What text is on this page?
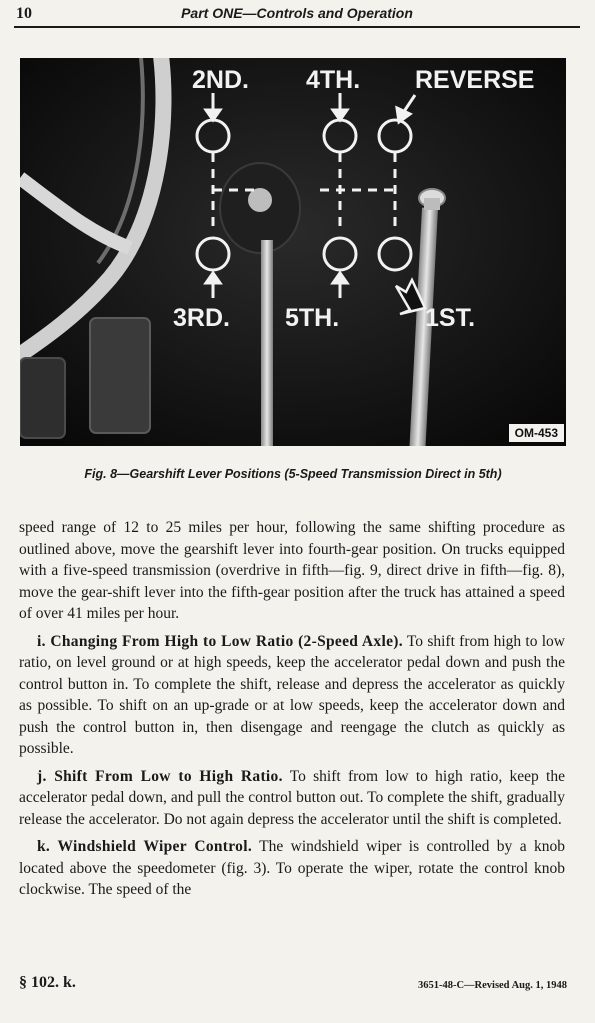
10	Part ONE—Controls and Operation
2ND. 4TH. REVERSE
3RD. 5TH.	1ST.
OM-453
Fig. 8—Gearshift Lever Positions (5-Speed Transmission Direct in 5th)

speed range of 12 to 25 miles per hour, following the same shifting procedure as outlined above, move the gearshift lever into fourth-gear position. On trucks equipped with a five-speed transmission (overdrive in fifth—fig. 9, direct drive in fifth—fig. 8), move the gear-shift lever into the fifth-gear position after the truck has attained a speed of over 41 miles per hour.

i. Changing From High to Low Ratio (2-Speed Axle). To shift from high to low ratio, on level ground or at high speeds, keep the accelerator pedal down and push the control button in. To complete the shift, release and depress the accelerator as quickly as possible. To shift on an up-grade or at low speeds, keep the accelerator down and push the control button in, then disengage and reengage the clutch as quickly as possible.

j. Shift From Low to High Ratio. To shift from low to high ratio, keep the accelerator pedal down, and pull the control button out. To complete the shift, gradually release the accelerator. Do not again depress the accelerator until the shift is completed.

k. Windshield Wiper Control. The windshield wiper is controlled by a knob located above the speedometer (fig. 3). To operate the wiper, rotate the control knob clockwise. The speed of the

§ 102. k.	3651-48-C—Revised Aug. 1, 1948
